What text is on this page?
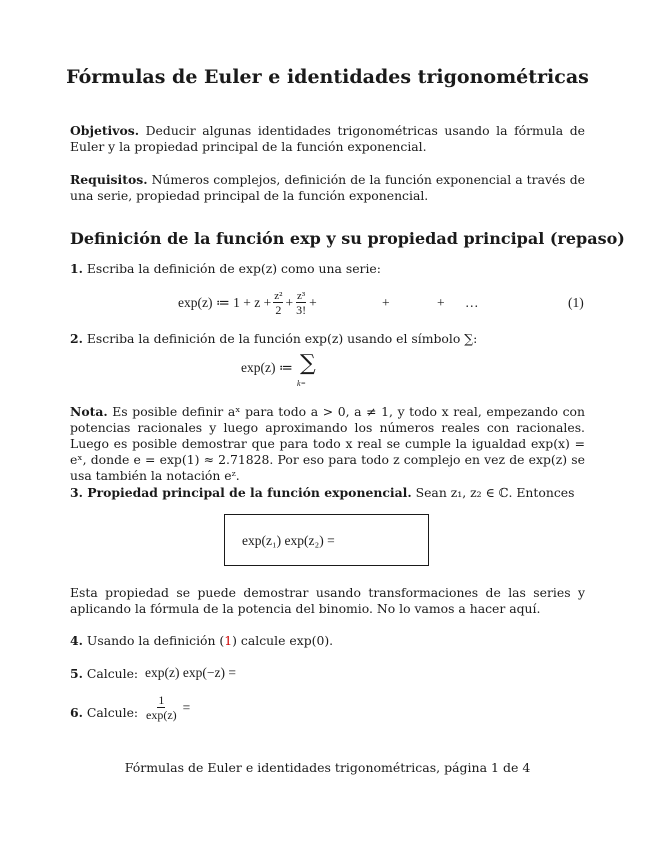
Fórmulas de Euler e identidades trigonométricas
Objetivos. Deducir algunas identidades trigonométricas usando la fórmula de Euler y la propiedad principal de la función exponencial.
Requisitos. Números complejos, definición de la función exponencial a través de una serie, propiedad principal de la función exponencial.
Definición de la función exp y su propiedad principal (repaso)
1. Escriba la definición de exp(z) como una serie:
exp(z) ≔ $1 + z + \frac{\text{z²}}{2} + \frac{\text{z³}}{3!}$ +	+	+ …	(1)
2. Escriba la definición de la función exp(z) usando el símbolo ∑:
exp(z) ≔ ∑
k=
Nota. Es posible definir aˣ para todo a > 0, a ≠ 1, y todo x real, empezando con potencias racionales y luego aproximando los números reales con racionales. Luego es posible demostrar que para todo x real se cumple la igualdad exp(x) = eˣ, donde e = exp(1) ≈ 2.71828. Por eso para todo z complejo en vez de exp(z) se usa también la notación eᶻ.
3. Propiedad principal de la función exponencial. Sean z₁, z₂ ∈ ℂ. Entonces
exp(z₁) exp(z₂) =
Esta propiedad se puede demostrar usando transformaciones de las series y aplicando la fórmula de la potencia del binomio. No lo vamos a hacer aquí.
4. Usando la definición (1) calcule exp(0).
5. Calcule: exp(z) exp(−z) =
6. Calcule: $\frac{1}{\exp(z)}$ =
Fórmulas de Euler e identidades trigonométricas, página 1 de 4
